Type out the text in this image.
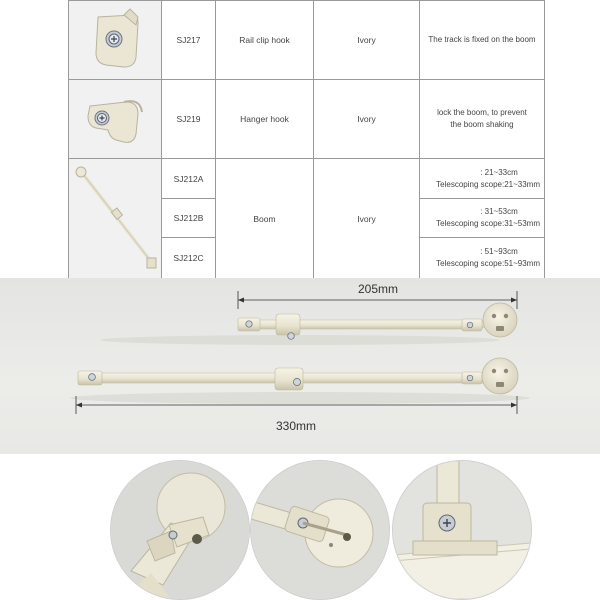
	SJ217	Rail clip hook	Ivory	The track is fixed on the boom

	SJ219	Hanger hook	Ivory	lock the boom, to prevent
the boom shaking

	SJ212A	Boom	Ivory	: 21~33cm
Telescoping scope:21~33mm

	SJ212B			: 31~53cm
Telescoping scope:31~53mm

	SJ212C			: 51~93cm
Telescoping scope:51~93mm
205mm
330mm
